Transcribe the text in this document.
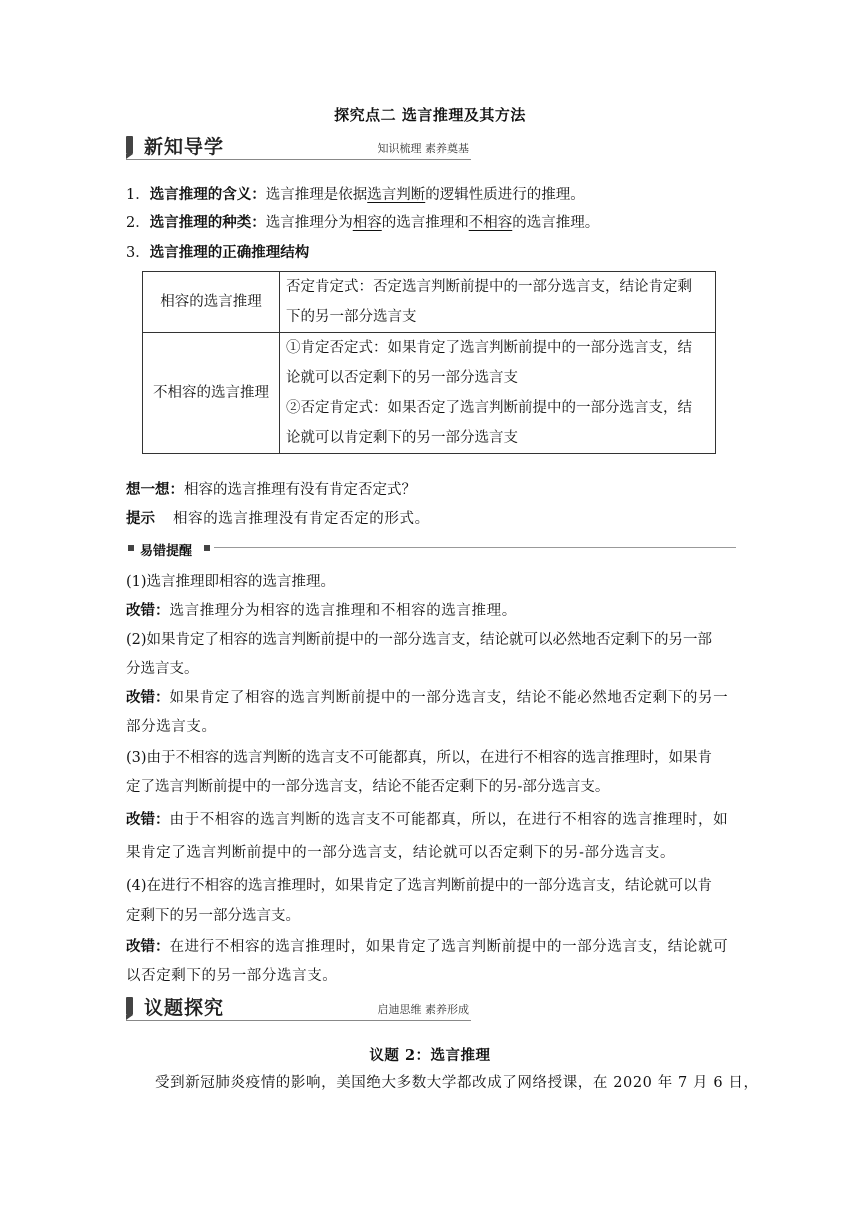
探究点二 选言推理及其方法
新知导学	知识梳理 素养奠基
1．选言推理的含义：选言推理是依据选言判断的逻辑性质进行的推理。
2．选言推理的种类：选言推理分为相容的选言推理和不相容的选言推理。
3．选言推理的正确推理结构
相容的选言推理	否定肯定式：否定选言判断前提中的一部分选言支，结论肯定剩
下的另一部分选言支

不相容的选言推理	①肯定否定式：如果肯定了选言判断前提中的一部分选言支，结
论就可以否定剩下的另一部分选言支
②否定肯定式：如果否定了选言判断前提中的一部分选言支，结
论就可以肯定剩下的另一部分选言支
想一想：相容的选言推理有没有肯定否定式？
提示 相容的选言推理没有肯定否定的形式。
易错提醒
(1)选言推理即相容的选言推理。
改错：选言推理分为相容的选言推理和不相容的选言推理。
(2)如果肯定了相容的选言判断前提中的一部分选言支，结论就可以必然地否定剩下的另一部
分选言支。
改错：如果肯定了相容的选言判断前提中的一部分选言支，结论不能必然地否定剩下的另一
部分选言支。
(3)由于不相容的选言判断的选言支不可能都真，所以，在进行不相容的选言推理时，如果肯
定了选言判断前提中的一部分选言支，结论不能否定剩下的另-部分选言支。
改错：由于不相容的选言判断的选言支不可能都真，所以，在进行不相容的选言推理时，如
果肯定了选言判断前提中的一部分选言支，结论就可以否定剩下的另-部分选言支。
(4)在进行不相容的选言推理时，如果肯定了选言判断前提中的一部分选言支，结论就可以肯
定剩下的另一部分选言支。
改错：在进行不相容的选言推理时，如果肯定了选言判断前提中的一部分选言支，结论就可
以否定剩下的另一部分选言支。
议题探究	启迪思维 素养形成
议题 2：选言推理
受到新冠肺炎疫情的影响，美国绝大多数大学都改成了网络授课，在 2020 年 7 月 6 日，
